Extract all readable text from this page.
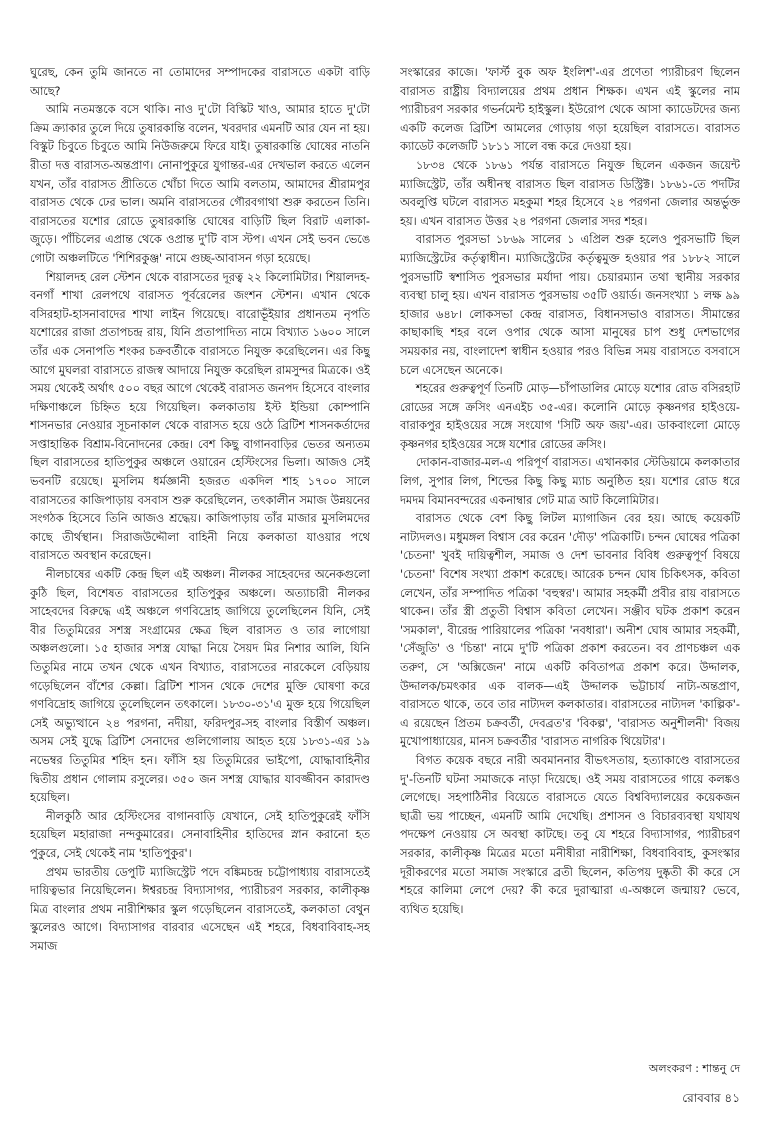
ঘুরেছ, কেন তুমি জানতে না তোমাদের সম্পাদকের বারাসতে একটা বাড়ি আছে?

আমি নতমস্তকে বসে থাকি। নাও দু'টো বিস্কিট খাও, আমার হাতে দু'টো ক্রিম ক্র্যাকার তুলে দিয়ে তুষারকান্তি বলেন, খবরদার এমনটি আর যেন না হয়। বিস্কুট চিবুতে চিবুতে আমি নিউজরুমে ফিরে যাই। তুষারকান্তি ঘোষের নাতনি রীতা দত্ত বারাসত-অন্তপ্রাণ। নোনাপুকুরে যুগান্তর-এর দেখভাল করতে এলেন যখন, তাঁর বারাসত প্রীতিতে খোঁচা দিতে আমি বলতাম, আমাদের শ্রীরামপুর বারাসত থেকে ঢের ভাল। অমনি বারাসতের গৌরবগাথা শুরু করতেন তিনি। বারাসতের যশোর রোডে তুষারকান্তি ঘোষের বাড়িটি ছিল বিরাট এলাকা-জুড়ে। পাঁচিলের এপ্রান্ত থেকে ওপ্রান্ত দু'টি বাস স্টপ। এখন সেই ভবন ভেঙে গোটা অঞ্চলটিতে 'শিশিরকুঞ্জ' নামে গুচ্ছ-আবাসন গড়া হয়েছে।

শিয়ালদহ রেল স্টেশন থেকে বারাসতের দূরত্ব ২২ কিলোমিটার। শিয়ালদহ-বনগাঁ শাখা রেলপথে বারাসত পূর্বরেলের জংশন স্টেশন। এখান থেকে বসিরহাট-হাসনাবাদের শাখা লাইন গিয়েছে। বারোভূঁইয়ার প্রধানতম নৃপতি যশোরের রাজা প্রতাপচন্দ্র রায়, যিনি প্রতাপাদিত্য নামে বিখ্যাত ১৬০০ সালে তাঁর এক সেনাপতি শংকর চক্রবর্তীকে বারাসতে নিযুক্ত করেছিলেন। এর কিছু আগে মুঘলরা বারাসতে রাজস্ব আদায়ে নিযুক্ত করেছিল রামসুন্দর মিত্রকে। ওই সময় থেকেই অর্থাৎ ৫০০ বছর আগে থেকেই বারাসত জনপদ হিসেবে বাংলার দক্ষিণাঞ্চলে চিহ্নিত হয়ে গিয়েছিল। কলকাতায় ইস্ট ইন্ডিয়া কোম্পানি শাসনভার নেওয়ার সূচনাকাল থেকে বারাসত হয়ে ওঠে ব্রিটিশ শাসনকর্তাদের সপ্তাহান্তিক বিশ্রাম-বিনোদনের কেন্দ্র। বেশ কিছু বাগানবাড়ির ভেতর অন্যতম ছিল বারাসতের হাতিপুকুর অঞ্চলে ওয়ারেন হেস্টিংসের ভিলা। আজও সেই ভবনটি রয়েছে। মুসলিম ধর্মজ্ঞানী হজরত একদিল শাহ ১৭০০ সালে বারাসতের কাজিপাড়ায় বসবাস শুরু করেছিলেন, তৎকালীন সমাজ উন্নয়নের সংগঠক হিসেবে তিনি আজও শ্রদ্ধেয়। কাজিপাড়ায় তাঁর মাজার মুসলিমদের কাছে তীর্থস্থান। সিরাজউদ্দৌলা বাহিনী নিয়ে কলকাতা যাওয়ার পথে বারাসতে অবস্থান করেছেন।

নীলচাষের একটি কেন্দ্র ছিল এই অঞ্চল। নীলকর সাহেবদের অনেকগুলো কুঠি ছিল, বিশেষত বারাসতের হাতিপুকুর অঞ্চলে। অত্যাচারী নীলকর সাহেবদের বিরুদ্ধে এই অঞ্চলে গণবিদ্রোহ জাগিয়ে তুলেছিলেন যিনি, সেই বীর তিতুমিরের সশস্ত্র সংগ্রামের ক্ষেত্র ছিল বারাসত ও তার লাগোয়া অঞ্চলগুলো। ১৫ হাজার সশস্ত্র যোদ্ধা নিয়ে সৈয়দ মির নিশার আলি, যিনি তিতুমির নামে তখন থেকে এখন বিখ্যাত, বারাসতের নারকেলে বেড়িয়ায় গড়েছিলেন বাঁশের কেল্লা। ব্রিটিশ শাসন থেকে দেশের মুক্তি ঘোষণা করে গণবিদ্রোহ জাগিয়ে তুলেছিলেন তৎকালে। ১৮৩০-৩১'এ মুক্ত হয়ে গিয়েছিল সেই অভ্যুত্থানে ২৪ পরগনা, নদীয়া, ফরিদপুর-সহ বাংলার বিস্তীর্ণ অঞ্চল। অসম সেই যুদ্ধে ব্রিটিশ সেনাদের গুলিগোলায় আহত হয়ে ১৮৩১-এর ১৯ নভেম্বর তিতুমির শহিদ হন। ফাঁসি হয় তিতুমিরের ভাইপো, যোদ্ধাবাহিনীর দ্বিতীয় প্রধান গোলাম রসুলের। ৩৫০ জন সশস্ত্র যোদ্ধার যাবজ্জীবন কারাদণ্ড হয়েছিল।

নীলকুঠি আর হেস্টিংসের বাগানবাড়ি যেখানে, সেই হাতিপুকুরেই ফাঁসি হয়েছিল মহারাজা নন্দকুমারের। সেনাবাহিনীর হাতিদের স্নান করানো হত পুকুরে, সেই থেকেই নাম 'হাতিপুকুর'।

প্রথম ভারতীয় ডেপুটি ম্যাজিস্ট্রেট পদে বঙ্কিমচন্দ্র চট্টোপাধ্যায় বারাসতেই দায়িত্বভার নিয়েছিলেন। ঈশ্বরচন্দ্র বিদ্যাসাগর, প্যারীচরণ সরকার, কালীকৃষ্ণ মিত্র বাংলার প্রথম নারীশিক্ষার স্কুল গড়েছিলেন বারাসতেই, কলকাতা বেথুন স্কুলেরও আগে। বিদ্যাসাগর বারবার এসেছেন এই শহরে, বিধবাবিবাহ-সহ সমাজ

সংস্কারের কাজে। 'ফার্স্ট বুক অফ ইংলিশ'-এর প্রণেতা প্যারীচরণ ছিলেন বারাসত রাষ্ট্রীয় বিদ্যালয়ের প্রথম প্রধান শিক্ষক। এখন এই স্কুলের নাম প্যারীচরণ সরকার গভর্নমেন্ট হাইস্কুল। ইউরোপ থেকে আসা ক্যাডেটদের জন্য একটি কলেজ ব্রিটিশ আমলের গোড়ায় গড়া হয়েছিল বারাসতে। বারাসত ক্যাডেট কলেজটি ১৮১১ সালে বন্ধ করে দেওয়া হয়।

১৮৩৪ থেকে ১৮৬১ পর্যন্ত বারাসতে নিযুক্ত ছিলেন একজন জয়েন্ট ম্যাজিস্ট্রেট, তাঁর অধীনস্থ বারাসত ছিল বারাসত ডিস্ট্রিক্ট। ১৮৬১-তে পদটির অবলুপ্তি ঘটলে বারাসত মহকুমা শহর হিসেবে ২৪ পরগনা জেলার অন্তর্ভুক্ত হয়। এখন বারাসত উত্তর ২৪ পরগনা জেলার সদর শহর।

বারাসত পুরসভা ১৮৬৯ সালের ১ এপ্রিল শুরু হলেও পুরসভাটি ছিল ম্যাজিস্ট্রেটের কর্তৃত্বাধীন। ম্যাজিস্ট্রেটের কর্তৃত্বমুক্ত হওয়ার পর ১৮৮২ সালে পুরসভাটি স্বশাসিত পুরসভার মর্যাদা পায়। চেয়ারম্যান তথা স্থানীয় সরকার ব্যবস্থা চালু হয়। এখন বারাসত পুরসভায় ৩৫টি ওয়ার্ড। জনসংখ্যা ১ লক্ষ ৯৯ হাজার ৬৪৮। লোকসভা কেন্দ্র বারাসত, বিধানসভাও বারাসত। সীমান্তের কাছাকাছি শহর বলে ওপার থেকে আসা মানুষের চাপ শুধু দেশভাগের সময়কার নয়, বাংলাদেশ স্বাধীন হওয়ার পরও বিভিন্ন সময় বারাসতে বসবাসে চলে এসেছেন অনেকে।

শহরের গুরুত্বপূর্ণ তিনটি মোড়—চাঁপাডালির মোড়ে যশোর রোড বসিরহাট রোডের সঙ্গে ক্রসিং এনএইচ ৩৫-এর। কলোনি মোড়ে কৃষ্ণনগর হাইওয়ে-বারাকপুর হাইওয়ের সঙ্গে সংযোগ 'সিটি অফ জয়'-এর। ডাকবাংলো মোড়ে কৃষ্ণনগর হাইওয়ের সঙ্গে যশোর রোডের ক্রসিং।

দোকান-বাজার-মল-এ পরিপূর্ণ বারাসত। এখানকার স্টেডিয়ামে কলকাতার লিগ, সুপার লিগ, শিল্ডের কিছু কিছু ম্যাচ অনুষ্ঠিত হয়। যশোর রোড ধরে দমদম বিমানবন্দরের একনাম্বার গেট মাত্র আট কিলোমিটার।

বারাসত থেকে বেশ কিছু লিটল ম্যাগাজিন বের হয়। আছে কয়েকটি নাট্যদলও। মধুমঙ্গল বিশ্বাস বের করেন 'দৌড়' পত্রিকাটি। চন্দন ঘোষের পত্রিকা 'চেতনা' খুবই দায়িত্বশীল, সমাজ ও দেশ ভাবনার বিবিধ গুরুত্বপূর্ণ বিষয়ে 'চেতনা' বিশেষ সংখ্যা প্রকাশ করেছে। আরেক চন্দন ঘোষ চিকিৎসক, কবিতা লেখেন, তাঁর সম্পাদিত পত্রিকা 'বহুস্বর'। আমার সহকর্মী প্রবীর রায় বারাসতে থাকেন। তাঁর স্ত্রী প্রতুতী বিশ্বাস কবিতা লেখেন। সঞ্জীব ঘটক প্রকাশ করেন 'সমকাল', বীরেন্দ্র পারিয়ালের পত্রিকা 'নবধারা'। অনীশ ঘোষ আমার সহকর্মী, 'সেঁজুতি' ও 'চিন্তা' নামে দু'টি পত্রিকা প্রকাশ করতেন। বব প্রাণচঞ্চল এক তরুণ, সে 'অক্সিজেন' নামে একটি কবিতাপত্র প্রকাশ করে। উদ্দালক, উদ্দালক/চমৎকার এক বালক—এই উদ্দালক ভট্টাচার্য নাট্য-অন্তপ্রাণ, বারাসতে থাকে, তবে তার নাট্যদল কলকাতার। বারাসতের নাট্যদল 'কাল্পিক'-এ রয়েছেন প্রিতম চক্রবর্তী, দেবব্রত'র 'বিকল্প', 'বারাসত অনুশীলনী' বিজয় মুখোপাধ্যায়ের, মানস চক্রবর্তীর 'বারাসত নাগরিক থিয়েটার'।

বিগত কয়েক বছরে নারী অবমাননার বীভৎসতায়, হত্যাকাণ্ডে বারাসতের দু'-তিনটি ঘটনা সমাজকে নাড়া দিয়েছে। ওই সময় বারাসতের গায়ে কলঙ্কও লেগেছে। সহপাঠিনীর বিয়েতে বারাসতে যেতে বিশ্ববিদ্যালয়ের কয়েকজন ছাত্রী ভয় পাচ্ছেন, এমনটি আমি দেখেছি। প্রশাসন ও বিচারব্যবস্থা যথাযথ পদক্ষেপ নেওয়ায় সে অবস্থা কাটছে। তবু যে শহরে বিদ্যাসাগর, প্যারীচরণ সরকার, কালীকৃষ্ণ মিত্রের মতো মনীষীরা নারীশিক্ষা, বিধবাবিবাহ, কুসংস্কার দূরীকরণের মতো সমাজ সংস্কারে ব্রতী ছিলেন, কতিপয় দুষ্কৃতী কী করে সে শহরে কালিমা লেপে দেয়? কী করে দুরাত্মারা এ-অঞ্চলে জন্মায়? ভেবে, ব্যথিত হয়েছি।

অলংকরণ : শান্তনু দে
রোববার ৪১
